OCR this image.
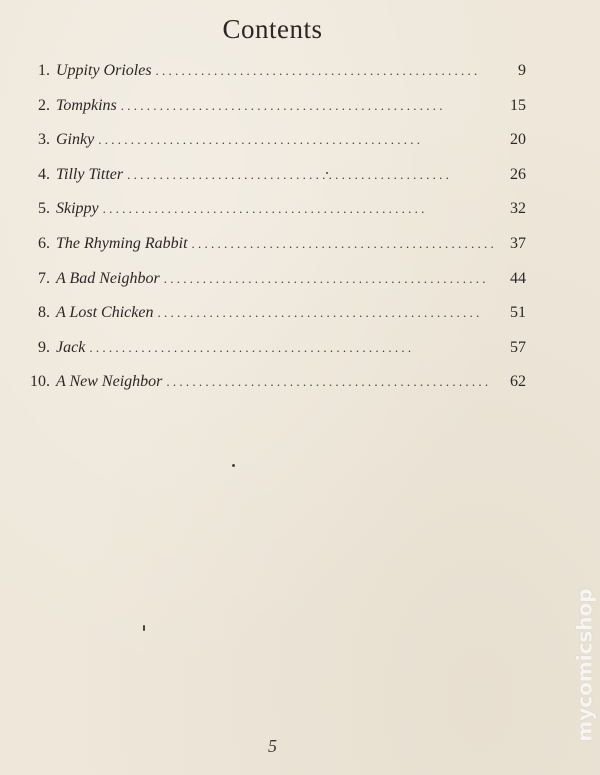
Contents
1. Uppity Orioles . . .	9
2. Tompkins . . .	15
3. Ginky . . .	20
4. Tilly Titter . . .	26
5. Skippy . . .	32
6. The Rhyming Rabbit . . .	37
7. A Bad Neighbor . . .	44
8. A Lost Chicken . . .	51
9. Jack . . .	57
10. A New Neighbor . . .	62
5
mycomicshop
